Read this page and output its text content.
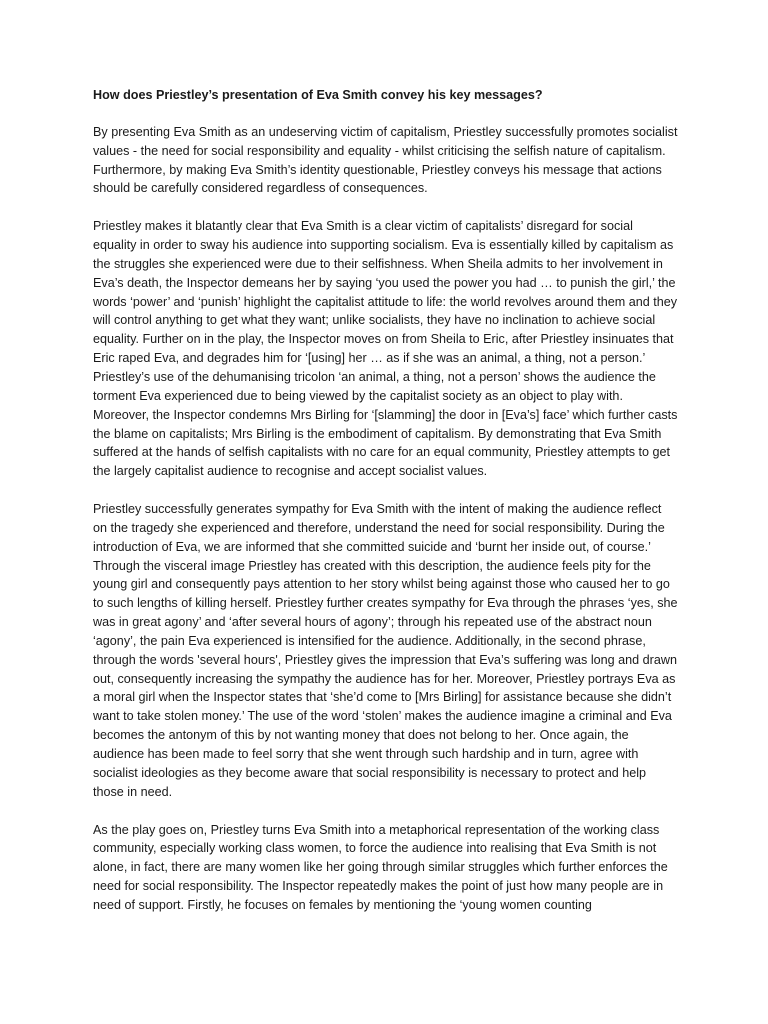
How does Priestley’s presentation of Eva Smith convey his key messages?

By presenting Eva Smith as an undeserving victim of capitalism, Priestley successfully promotes socialist values - the need for social responsibility and equality - whilst criticising the selfish nature of capitalism. Furthermore, by making Eva Smith’s identity questionable, Priestley conveys his message that actions should be carefully considered regardless of consequences.

Priestley makes it blatantly clear that Eva Smith is a clear victim of capitalists’ disregard for social equality in order to sway his audience into supporting socialism. Eva is essentially killed by capitalism as the struggles she experienced were due to their selfishness. When Sheila admits to her involvement in Eva’s death, the Inspector demeans her by saying ‘you used the power you had … to punish the girl,’ the words ‘power’ and ‘punish’ highlight the capitalist attitude to life: the world revolves around them and they will control anything to get what they want; unlike socialists, they have no inclination to achieve social equality. Further on in the play, the Inspector moves on from Sheila to Eric, after Priestley insinuates that Eric raped Eva, and degrades him for ‘[using] her … as if she was an animal, a thing, not a person.’ Priestley’s use of the dehumanising tricolon ‘an animal, a thing, not a person’ shows the audience the torment Eva experienced due to being viewed by the capitalist society as an object to play with. Moreover, the Inspector condemns Mrs Birling for ‘[slamming] the door in [Eva’s] face’ which further casts the blame on capitalists; Mrs Birling is the embodiment of capitalism. By demonstrating that Eva Smith suffered at the hands of selfish capitalists with no care for an equal community, Priestley attempts to get the largely capitalist audience to recognise and accept socialist values.

Priestley successfully generates sympathy for Eva Smith with the intent of making the audience reflect on the tragedy she experienced and therefore, understand the need for social responsibility. During the introduction of Eva, we are informed that she committed suicide and ‘burnt her inside out, of course.’ Through the visceral image Priestley has created with this description, the audience feels pity for the young girl and consequently pays attention to her story whilst being against those who caused her to go to such lengths of killing herself. Priestley further creates sympathy for Eva through the phrases ‘yes, she was in great agony’ and ‘after several hours of agony’; through his repeated use of the abstract noun ‘agony’, the pain Eva experienced is intensified for the audience. Additionally, in the second phrase, through the words 'several hours', Priestley gives the impression that Eva’s suffering was long and drawn out, consequently increasing the sympathy the audience has for her. Moreover, Priestley portrays Eva as a moral girl when the Inspector states that ‘she’d come to [Mrs Birling] for assistance because she didn’t want to take stolen money.’ The use of the word ‘stolen’ makes the audience imagine a criminal and Eva becomes the antonym of this by not wanting money that does not belong to her. Once again, the audience has been made to feel sorry that she went through such hardship and in turn, agree with socialist ideologies as they become aware that social responsibility is necessary to protect and help those in need.

As the play goes on, Priestley turns Eva Smith into a metaphorical representation of the working class community, especially working class women, to force the audience into realising that Eva Smith is not alone, in fact, there are many women like her going through similar struggles which further enforces the need for social responsibility. The Inspector repeatedly makes the point of just how many people are in need of support. Firstly, he focuses on females by mentioning the ‘young women counting
